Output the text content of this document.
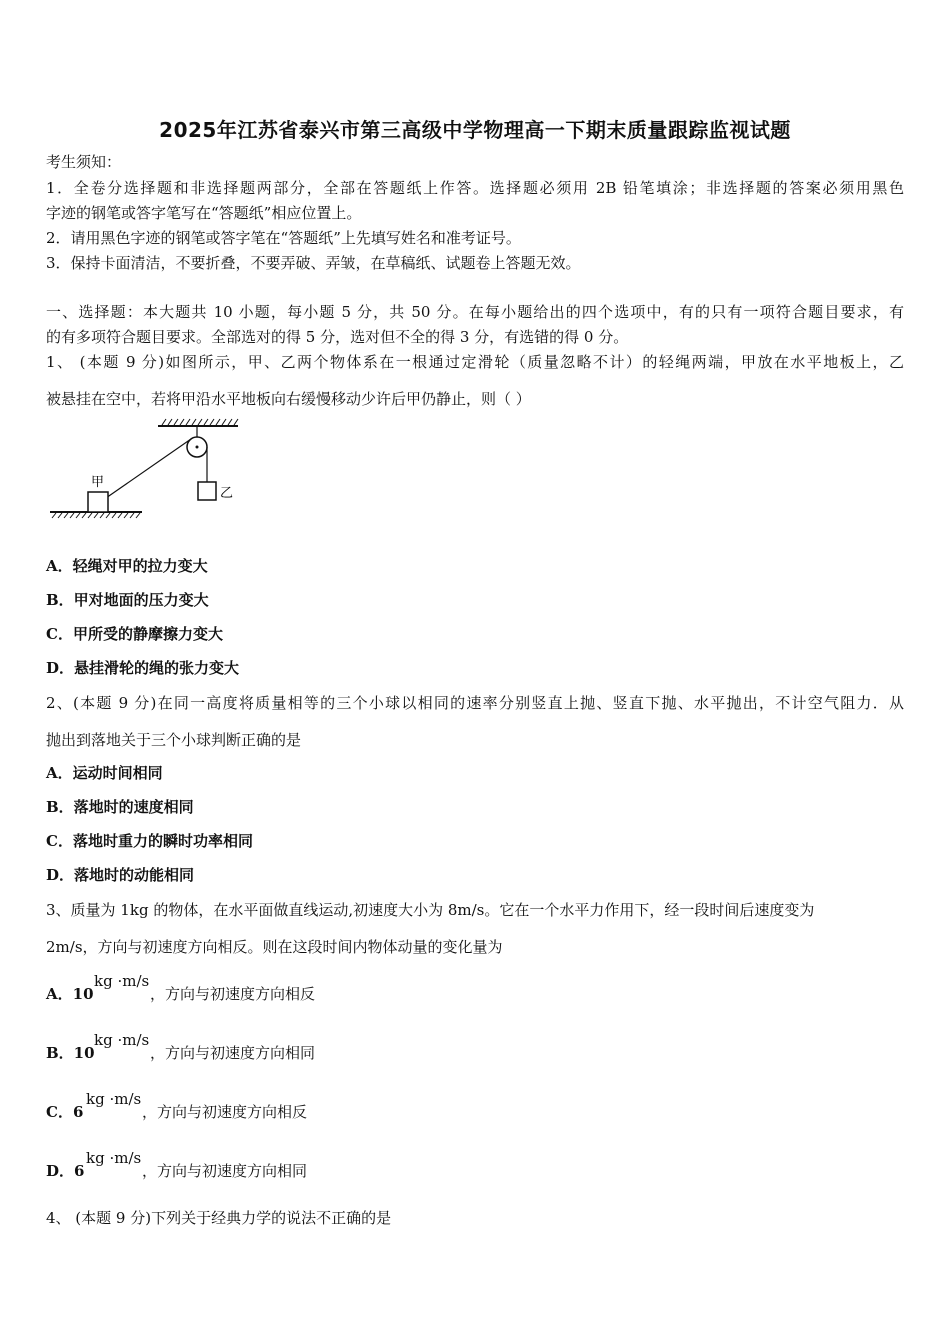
2025年江苏省泰兴市第三高级中学物理高一下期末质量跟踪监视试题
考生须知：
1．全卷分选择题和非选择题两部分，全部在答题纸上作答。选择题必须用 2B 铅笔填涂；非选择题的答案必须用黑色
字迹的钢笔或答字笔写在“答题纸”相应位置上。
2．请用黑色字迹的钢笔或答字笔在“答题纸”上先填写姓名和准考证号。
3．保持卡面清洁，不要折叠，不要弄破、弄皱，在草稿纸、试题卷上答题无效。
一、选择题：本大题共 10 小题，每小题 5 分，共 50 分。在每小题给出的四个选项中，有的只有一项符合题目要求，有
的有多项符合题目要求。全部选对的得 5 分，选对但不全的得 3 分，有选错的得 0 分。
1、 (本题 9 分)如图所示，甲、乙两个物体系在一根通过定滑轮（质量忽略不计）的轻绳两端，甲放在水平地板上，乙
被悬挂在空中，若将甲沿水平地板向右缓慢移动少许后甲仍静止，则（ ）
甲
乙
A．轻绳对甲的拉力变大
B．甲对地面的压力变大
C．甲所受的静摩擦力变大
D．悬挂滑轮的绳的张力变大
2、(本题 9 分)在同一高度将质量相等的三个小球以相同的速率分别竖直上抛、竖直下抛、水平抛出，不计空气阻力．从
抛出到落地关于三个小球判断正确的是
A．运动时间相同
B．落地时的速度相同
C．落地时重力的瞬时功率相同
D．落地时的动能相同
3、质量为 1kg 的物体，在水平面做直线运动,初速度大小为 8m/s。它在一个水平力作用下，经一段时间后速度变为
2m/s，方向与初速度方向相反。则在这段时间内物体动量的变化量为
A．10
kg ·m/s
，方向与初速度方向相反
B．10
kg ·m/s
，方向与初速度方向相同
C．6
kg ·m/s
，方向与初速度方向相反
D．6
kg ·m/s
，方向与初速度方向相同
4、 (本题 9 分)下列关于经典力学的说法不正确的是
